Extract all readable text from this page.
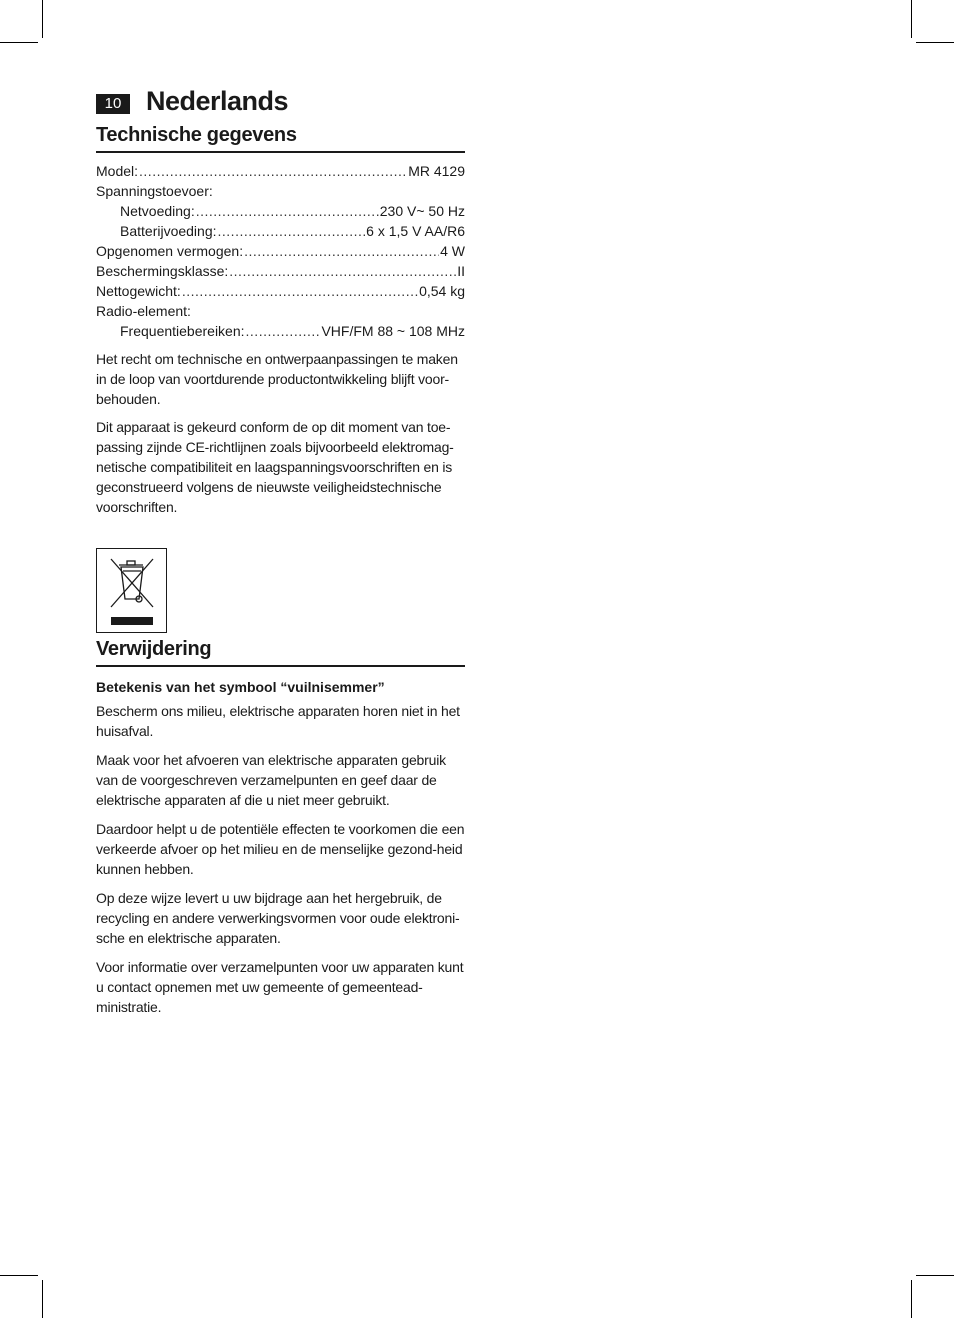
10 Nederlands
Technische gegevens
Model: .....	MR 4129
Spanningstoevoer:
Netvoeding: .....	230 V~ 50 Hz
Batterijvoeding: .....	6 x 1,5 V AA/R6
Opgenomen vermogen: .....	4 W
Beschermingsklasse: .....	II
Nettogewicht: .....	0,54 kg
Radio-element:
Frequentiebereiken: .....	VHF/FM 88 ~ 108 MHz

Het recht om technische en ontwerpaanpassingen te maken in de loop van voortdurende productontwikkeling blijft voor-behouden.

Dit apparaat is gekeurd conform de op dit moment van toe-passing zijnde CE-richtlijnen zoals bijvoorbeeld elektromag-netische compatibiliteit en laagspanningsvoorschriften en is geconstrueerd volgens de nieuwste veiligheidstechnische voorschriften.

Verwijdering

Betekenis van het symbool “vuilnisemmer”

Bescherm ons milieu, elektrische apparaten horen niet in het huisafval.

Maak voor het afvoeren van elektrische apparaten gebruik van de voorgeschreven verzamelpunten en geef daar de elektrische apparaten af die u niet meer gebruikt.

Daardoor helpt u de potentiële effecten te voorkomen die een verkeerde afvoer op het milieu en de menselijke gezond-heid kunnen hebben.

Op deze wijze levert u uw bijdrage aan het hergebruik, de recycling en andere verwerkingsvormen voor oude elektroni-sche en elektrische apparaten.

Voor informatie over verzamelpunten voor uw apparaten kunt u contact opnemen met uw gemeente of gemeentead-ministratie.
